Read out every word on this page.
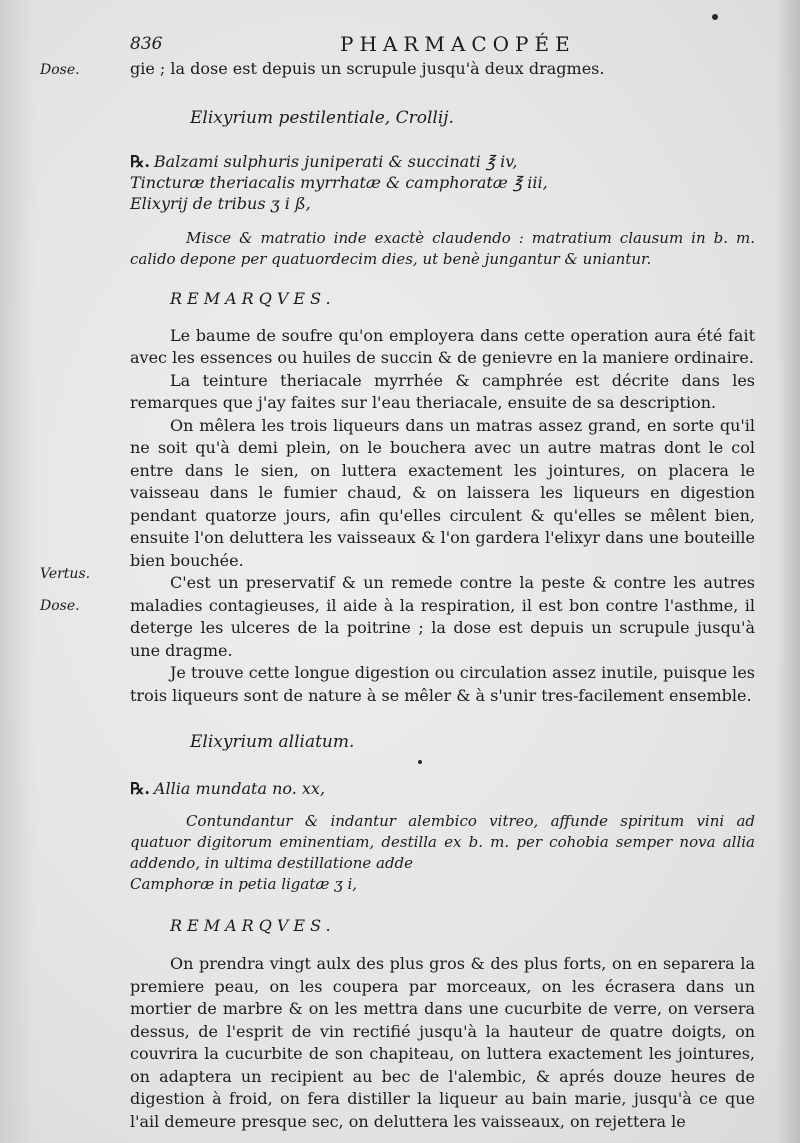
836	PHARMACOPÉE
Dose.
Vertus.
Dose.

gie ; la dose est depuis un scrupule jusqu'à deux dragmes.

Elixyrium pestilentiale, Crollij.

℞. Balzami sulphuris juniperati & succinati ℥ iv,
Tincturæ theriacalis myrrhatæ & camphoratæ ℥ iii,
Elixyrij de tribus ʒ i ß,

Misce & matratio inde exactè claudendo : matratium clausum in b. m. calido depone per quatuordecim dies, ut benè jungantur & uniantur.

REMARQVES.

Le baume de soufre qu'on employera dans cette operation aura été fait avec les essences ou huiles de succin & de genievre en la maniere ordinaire.

La teinture theriacale myrrhée & camphrée est décrite dans les remarques que j'ay faites sur l'eau theriacale, ensuite de sa description.

On mêlera les trois liqueurs dans un matras assez grand, en sorte qu'il ne soit qu'à demi plein, on le bouchera avec un autre matras dont le col entre dans le sien, on luttera exactement les jointures, on placera le vaisseau dans le fumier chaud, & on laissera les liqueurs en digestion pendant quatorze jours, afin qu'elles circulent & qu'elles se mêlent bien, ensuite l'on deluttera les vaisseaux & l'on gardera l'elixyr dans une bouteille bien bouchée.

C'est un preservatif & un remede contre la peste & contre les autres maladies contagieuses, il aide à la respiration, il est bon contre l'asthme, il deterge les ulceres de la poitrine ; la dose est depuis un scrupule jusqu'à une dragme.

Je trouve cette longue digestion ou circulation assez inutile, puisque les trois liqueurs sont de nature à se mêler & à s'unir tres-facilement ensemble.

Elixyrium alliatum.

℞. Allia mundata no. xx,

Contundantur & indantur alembico vitreo, affunde spiritum vini ad quatuor digitorum eminentiam, destilla ex b. m. per cohobia semper nova allia addendo, in ultima destillatione adde

Camphoræ in petia ligatæ ʒ i,

REMARQVES.

On prendra vingt aulx des plus gros & des plus forts, on en separera la premiere peau, on les coupera par morceaux, on les écrasera dans un mortier de marbre & on les mettra dans une cucurbite de verre, on versera dessus, de l'esprit de vin rectifié jusqu'à la hauteur de quatre doigts, on couvrira la cucurbite de son chapiteau, on luttera exactement les jointures, on adaptera un recipient au bec de l'alembic, & aprés douze heures de digestion à froid, on fera distiller la liqueur au bain marie, jusqu'à ce que l'ail demeure presque sec, on deluttera les vaisseaux, on rejettera le
